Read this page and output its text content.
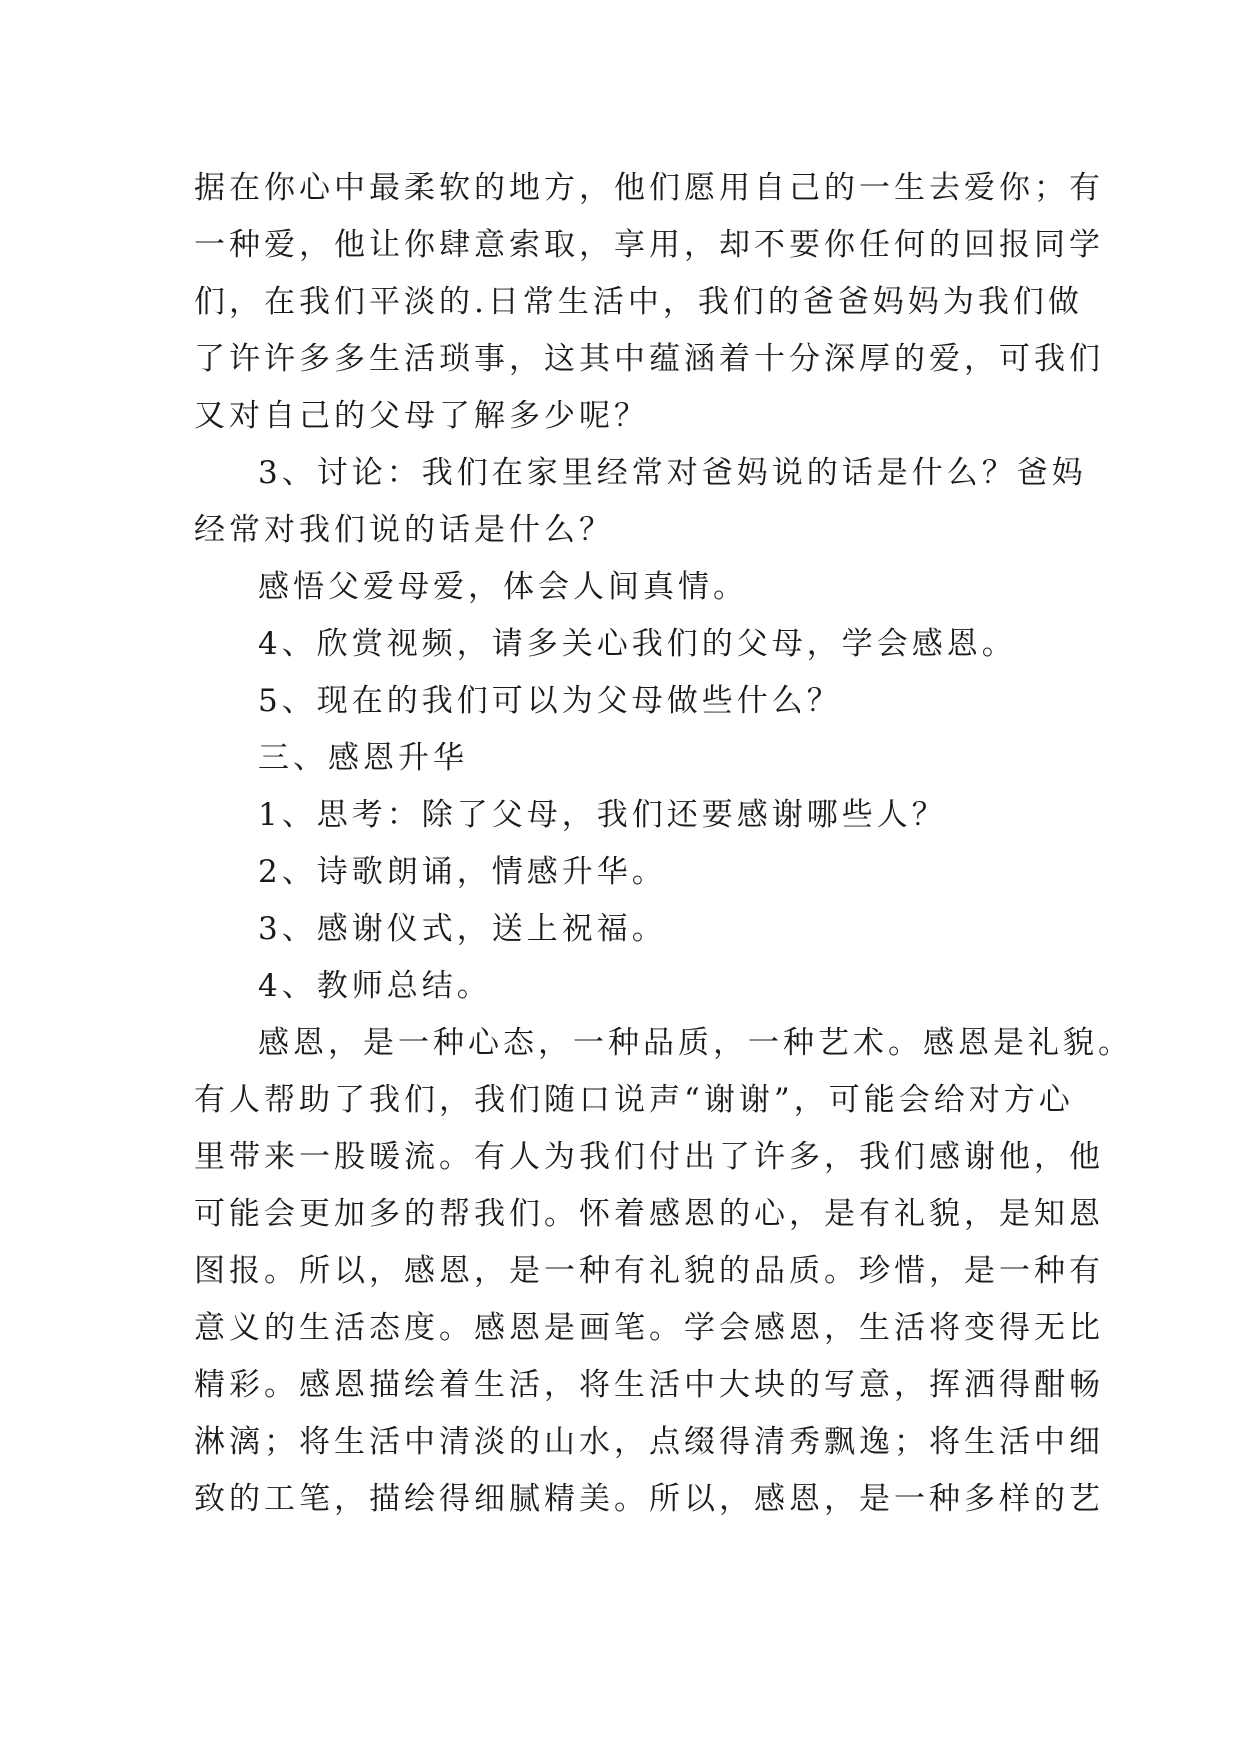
据在你心中最柔软的地方，他们愿用自己的一生去爱你；有
一种爱，他让你肆意索取，享用，却不要你任何的回报同学
们，在我们平淡的.日常生活中，我们的爸爸妈妈为我们做
了许许多多生活琐事，这其中蕴涵着十分深厚的爱，可我们
又对自己的父母了解多少呢？
3、讨论：我们在家里经常对爸妈说的话是什么？爸妈
经常对我们说的话是什么？
感悟父爱母爱，体会人间真情。
4、欣赏视频，请多关心我们的父母，学会感恩。
5、现在的我们可以为父母做些什么？
三、感恩升华
1、思考：除了父母，我们还要感谢哪些人？
2、诗歌朗诵，情感升华。
3、感谢仪式，送上祝福。
4、教师总结。
感恩，是一种心态，一种品质，一种艺术。感恩是礼貌。
有人帮助了我们，我们随口说声“谢谢”，可能会给对方心
里带来一股暖流。有人为我们付出了许多，我们感谢他，他
可能会更加多的帮我们。怀着感恩的心，是有礼貌，是知恩
图报。所以，感恩，是一种有礼貌的品质。珍惜，是一种有
意义的生活态度。感恩是画笔。学会感恩，生活将变得无比
精彩。感恩描绘着生活，将生活中大块的写意，挥洒得酣畅
淋漓；将生活中清淡的山水，点缀得清秀飘逸；将生活中细
致的工笔，描绘得细腻精美。所以，感恩，是一种多样的艺
